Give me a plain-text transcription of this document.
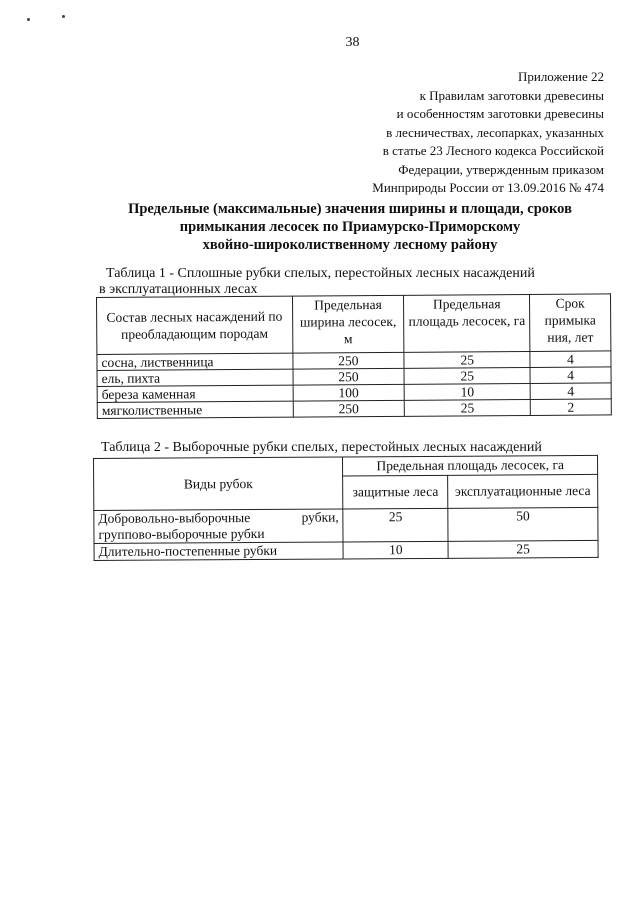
38
Приложение 22
к Правилам заготовки древесины
и особенностям заготовки древесины
в лесничествах, лесопарках, указанных
в статье 23 Лесного кодекса Российской
Федерации, утвержденным приказом
Минприроды России от 13.09.2016 № 474
Предельные (максимальные) значения ширины и площади, сроков
примыкания лесосек по Приамурско-Приморскому
хвойно-широколиственному лесному району
Таблица 1 - Сплошные рубки спелых, перестойных лесных насаждений
в эксплуатационных лесах
Состав лесных насаждений по преобладающим породам	Предельная ширина лесосек, м	Предельная площадь лесосек, га	Срок примыка ния, лет
сосна, лиственница	250	25	4
ель, пихта	250	25	4
береза каменная	100	10	4
мягколиственные	250	25	2
Таблица 2 - Выборочные рубки спелых, перестойных лесных насаждений
Виды рубок	Предельная площадь лесосек, га	
	защитные леса	эксплуатационные леса

Добровольно-выборочные рубки,
группово-выборочные рубки	25	50
Длительно-постепенные рубки	10	25
